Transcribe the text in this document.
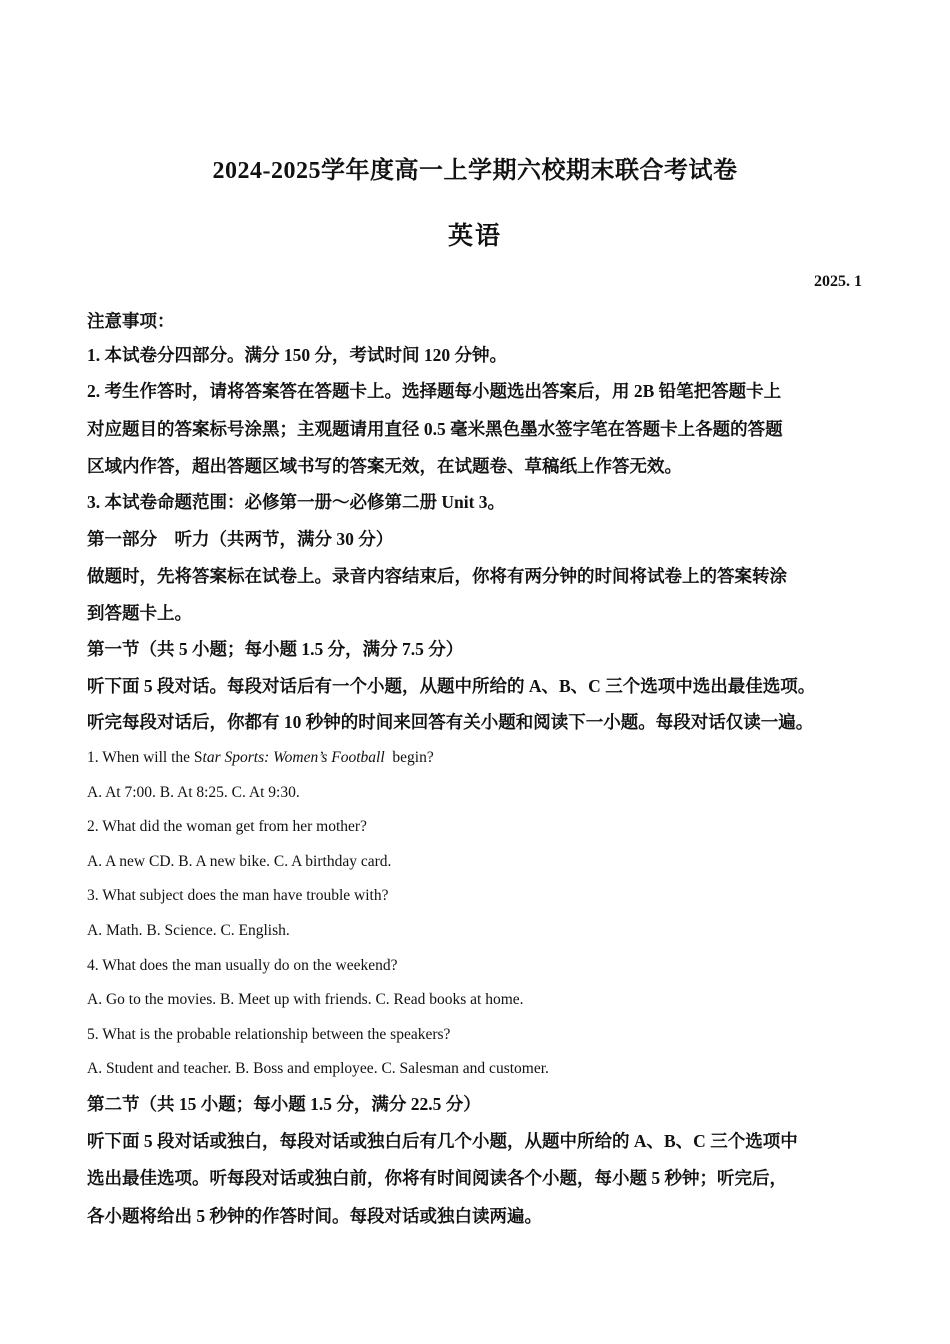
2024-2025学年度高一上学期六校期末联合考试卷
英语
2025. 1
注意事项：
1. 本试卷分四部分。满分 150 分，考试时间 120 分钟。
2. 考生作答时，请将答案答在答题卡上。选择题每小题选出答案后，用 2B 铅笔把答题卡上
对应题目的答案标号涂黑；主观题请用直径 0.5 毫米黑色墨水签字笔在答题卡上各题的答题
区域内作答，超出答题区域书写的答案无效，在试题卷、草稿纸上作答无效。
3. 本试卷命题范围：必修第一册～必修第二册 Unit 3。
第一部分　听力（共两节，满分 30 分）
做题时，先将答案标在试卷上。录音内容结束后，你将有两分钟的时间将试卷上的答案转涂
到答题卡上。
第一节（共 5 小题；每小题 1.5 分，满分 7.5 分）
听下面 5 段对话。每段对话后有一个小题，从题中所给的 A、B、C 三个选项中选出最佳选项。
听完每段对话后，你都有 10 秒钟的时间来回答有关小题和阅读下一小题。每段对话仅读一遍。
1. When will the Star Sports: Women’s Football  begin?
A. At 7:00. B. At 8:25. C. At 9:30.
2. What did the woman get from her mother?
A. A new CD. B. A new bike. C. A birthday card.
3. What subject does the man have trouble with?
A. Math. B. Science. C. English.
4. What does the man usually do on the weekend?
A. Go to the movies. B. Meet up with friends. C. Read books at home.
5. What is the probable relationship between the speakers?
A. Student and teacher. B. Boss and employee. C. Salesman and customer.
第二节（共 15 小题；每小题 1.5 分，满分 22.5 分）
听下面 5 段对话或独白，每段对话或独白后有几个小题，从题中所给的 A、B、C 三个选项中
选出最佳选项。听每段对话或独白前，你将有时间阅读各个小题，每小题 5 秒钟；听完后，
各小题将给出 5 秒钟的作答时间。每段对话或独白读两遍。
